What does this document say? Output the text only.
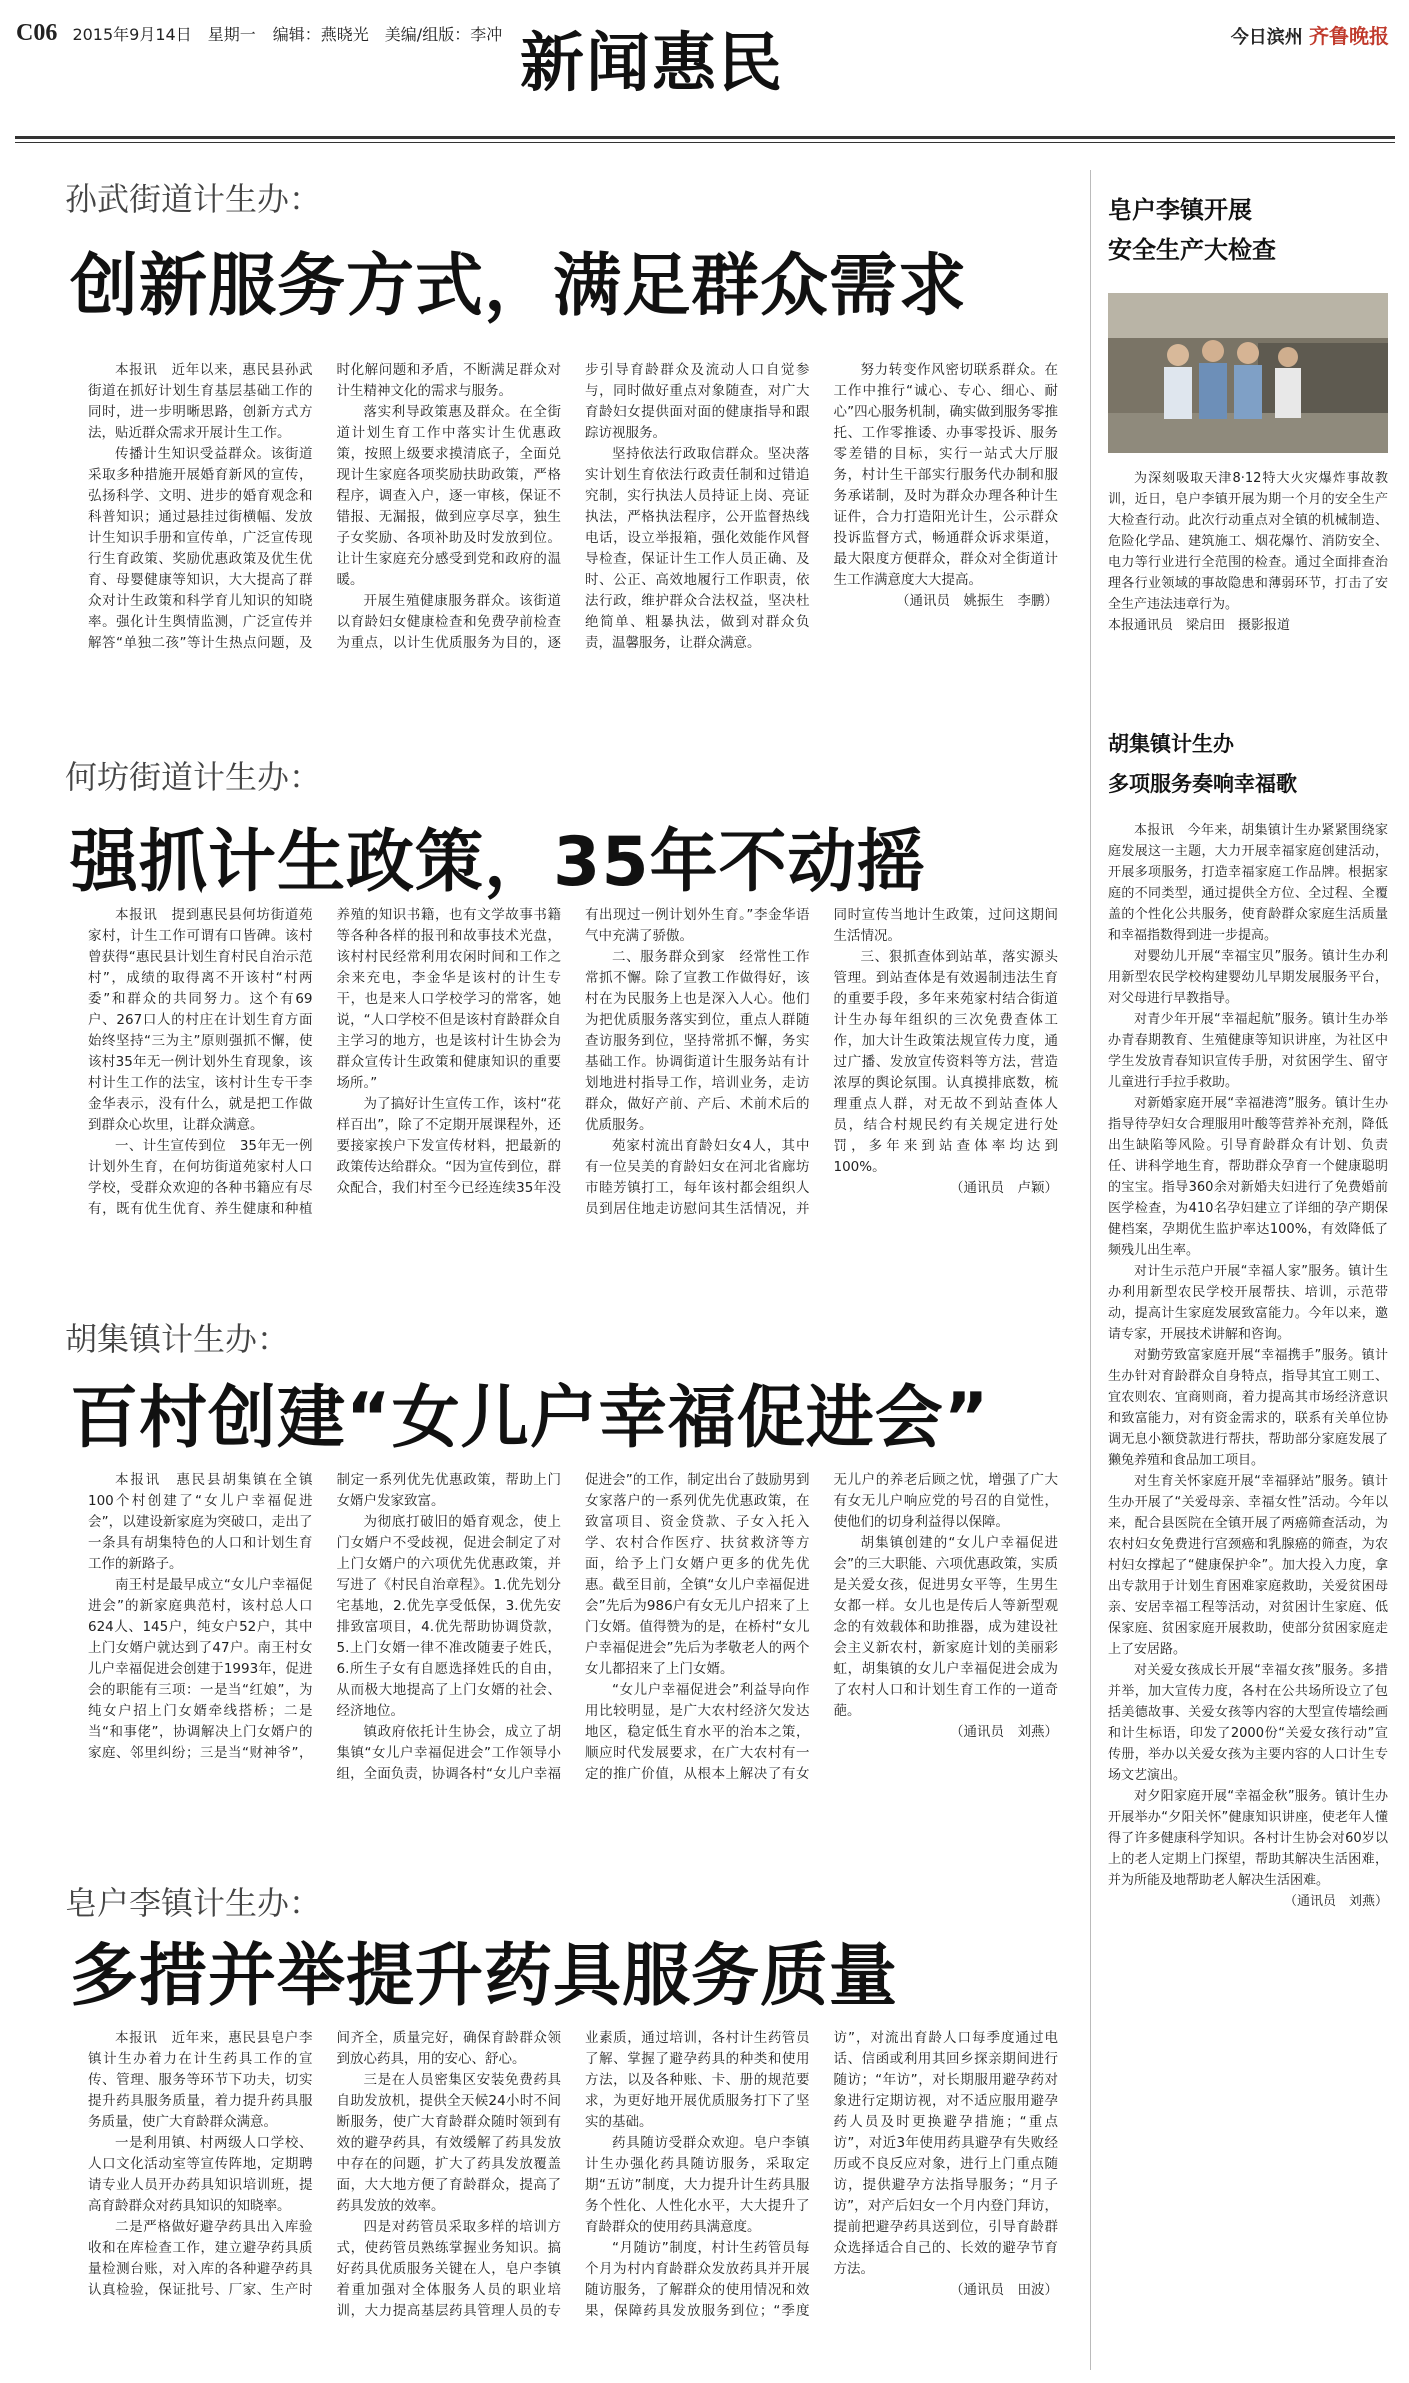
C06 2015年9月14日　星期一 编辑：燕晓光　美编/组版：李冲 新闻惠民	今日滨州 齐鲁晚报
孙武街道计生办：
创新服务方式，满足群众需求

本报讯　近年以来，惠民县孙武街道在抓好计划生育基层基础工作的同时，进一步明晰思路，创新方式方法，贴近群众需求开展计生工作。

传播计生知识受益群众。该街道采取多种措施开展婚育新风的宣传，弘扬科学、文明、进步的婚育观念和科普知识；通过悬挂过街横幅、发放计生知识手册和宣传单，广泛宣传现行生育政策、奖励优惠政策及优生优育、母婴健康等知识，大大提高了群众对计生政策和科学育儿知识的知晓率。强化计生舆情监测，广泛宣传并解答“单独二孩”等计生热点问题，及时化解问题和矛盾，不断满足群众对计生精神文化的需求与服务。

落实利导政策惠及群众。在全街道计划生育工作中落实计生优惠政策，按照上级要求摸清底子，全面兑现计生家庭各项奖励扶助政策，严格程序，调查入户，逐一审核，保证不错报、无漏报，做到应享尽享，独生子女奖励、各项补助及时发放到位。让计生家庭充分感受到党和政府的温暖。

开展生殖健康服务群众。该街道以育龄妇女健康检查和免费孕前检查为重点，以计生优质服务为目的，逐步引导育龄群众及流动人口自觉参与，同时做好重点对象随查，对广大育龄妇女提供面对面的健康指导和跟踪访视服务。

坚持依法行政取信群众。坚决落实计划生育依法行政责任制和过错追究制，实行执法人员持证上岗、亮证执法，严格执法程序，公开监督热线电话，设立举报箱，强化效能作风督导检查，保证计生工作人员正确、及时、公正、高效地履行工作职责，依法行政，维护群众合法权益，坚决杜绝简单、粗暴执法，做到对群众负责，温馨服务，让群众满意。

努力转变作风密切联系群众。在工作中推行“诚心、专心、细心、耐心”四心服务机制，确实做到服务零推托、工作零推诿、办事零投诉、服务零差错的目标，实行一站式大厅服务，村计生干部实行服务代办制和服务承诺制，及时为群众办理各种计生证件，合力打造阳光计生，公示群众投诉监督方式，畅通群众诉求渠道，最大限度方便群众，群众对全街道计生工作满意度大大提高。

（通讯员　姚振生　李鹏）

何坊街道计生办：
强抓计生政策，35年不动摇

本报讯　提到惠民县何坊街道苑家村，计生工作可谓有口皆碑。该村曾获得“惠民县计划生育村民自治示范村”，成绩的取得离不开该村“村两委”和群众的共同努力。这个有69户、267口人的村庄在计划生育方面始终坚持“三为主”原则强抓不懈，使该村35年无一例计划外生育现象，该村计生工作的法宝，该村计生专干李金华表示，没有什么，就是把工作做到群众心坎里，让群众满意。

一、计生宣传到位　35年无一例计划外生育，在何坊街道苑家村人口学校，受群众欢迎的各种书籍应有尽有，既有优生优育、养生健康和种植养殖的知识书籍，也有文学故事书籍等各种各样的报刊和故事技术光盘，该村村民经常利用农闲时间和工作之余来充电，李金华是该村的计生专干，也是来人口学校学习的常客，她说，“人口学校不但是该村育龄群众自主学习的地方，也是该村计生协会为群众宣传计生政策和健康知识的重要场所。”

为了搞好计生宣传工作，该村“花样百出”，除了不定期开展课程外，还要接家挨户下发宣传材料，把最新的政策传达给群众。“因为宣传到位，群众配合，我们村至今已经连续35年没有出现过一例计划外生育。”李金华语气中充满了骄傲。

二、服务群众到家　经常性工作常抓不懈。除了宣教工作做得好，该村在为民服务上也是深入人心。他们为把优质服务落实到位，重点人群随查访服务到位，坚持常抓不懈，务实基础工作。协调街道计生服务站有计划地进村指导工作，培训业务，走访群众，做好产前、产后、术前术后的优质服务。

苑家村流出育龄妇女4人，其中有一位吴美的育龄妇女在河北省廊坊市睦芳镇打工，每年该村都会组织人员到居住地走访慰问其生活情况，并同时宣传当地计生政策，过问这期间生活情况。

三、狠抓查体到站革，落实源头管理。到站查体是有效遏制违法生育的重要手段，多年来苑家村结合街道计生办每年组织的三次免费查体工作，加大计生政策法规宣传力度，通过广播、发放宣传资料等方法，营造浓厚的舆论氛围。认真摸排底数，梳理重点人群，对无故不到站查体人员，结合村规民约有关规定进行处罚，多年来到站查体率均达到100%。

（通讯员　卢颖）

胡集镇计生办：
百村创建“女儿户幸福促进会”

本报讯　惠民县胡集镇在全镇100个村创建了“女儿户幸福促进会”，以建设新家庭为突破口，走出了一条具有胡集特色的人口和计划生育工作的新路子。

南王村是最早成立“女儿户幸福促进会”的新家庭典范村，该村总人口624人、145户，纯女户52户，其中上门女婿户就达到了47户。南王村女儿户幸福促进会创建于1993年，促进会的职能有三项：一是当“红娘”，为纯女户招上门女婿牵线搭桥；二是当“和事佬”，协调解决上门女婿户的家庭、邻里纠纷；三是当“财神爷”，制定一系列优先优惠政策，帮助上门女婿户发家致富。

为彻底打破旧的婚育观念，使上门女婿户不受歧视，促进会制定了对上门女婿户的六项优先优惠政策，并写进了《村民自治章程》。1.优先划分宅基地，2.优先享受低保，3.优先安排致富项目，4.优先帮助协调贷款，5.上门女婿一律不准改随妻子姓氏，6.所生子女有自愿选择姓氏的自由，从而极大地提高了上门女婿的社会、经济地位。

镇政府依托计生协会，成立了胡集镇“女儿户幸福促进会”工作领导小组，全面负责，协调各村“女儿户幸福促进会”的工作，制定出台了鼓励男到女家落户的一系列优先优惠政策，在致富项目、资金贷款、子女入托入学、农村合作医疗、扶贫救济等方面，给予上门女婿户更多的优先优惠。截至目前，全镇“女儿户幸福促进会”先后为986户有女无儿户招来了上门女婿。值得赞为的是，在桥村“女儿户幸福促进会”先后为孝敬老人的两个女儿都招来了上门女婿。

“女儿户幸福促进会”利益导向作用比较明显，是广大农村经济欠发达地区，稳定低生育水平的治本之策，顺应时代发展要求，在广大农村有一定的推广价值，从根本上解决了有女无儿户的养老后顾之忧，增强了广大有女无儿户响应党的号召的自觉性，使他们的切身利益得以保障。

胡集镇创建的“女儿户幸福促进会”的三大职能、六项优惠政策，实质是关爱女孩，促进男女平等，生男生女都一样。女儿也是传后人等新型观念的有效载体和助推器，成为建设社会主义新农村，新家庭计划的美丽彩虹，胡集镇的女儿户幸福促进会成为了农村人口和计划生育工作的一道奇葩。

（通讯员　刘燕）

皂户李镇计生办：
多措并举提升药具服务质量

本报讯　近年来，惠民县皂户李镇计生办着力在计生药具工作的宣传、管理、服务等环节下功夫，切实提升药具服务质量，着力提升药具服务质量，使广大育龄群众满意。

一是利用镇、村两级人口学校、人口文化活动室等宣传阵地，定期聘请专业人员开办药具知识培训班，提高育龄群众对药具知识的知晓率。

二是严格做好避孕药具出入库验收和在库检查工作，建立避孕药具质量检测台账，对入库的各种避孕药具认真检验，保证批号、厂家、生产时间齐全，质量完好，确保育龄群众领到放心药具，用的安心、舒心。

三是在人员密集区安装免费药具自助发放机，提供全天候24小时不间断服务，使广大育龄群众随时领到有效的避孕药具，有效缓解了药具发放中存在的问题，扩大了药具发放覆盖面，大大地方便了育龄群众，提高了药具发放的效率。

四是对药管员采取多样的培训方式，使药管员熟练掌握业务知识。搞好药具优质服务关键在人，皂户李镇着重加强对全体服务人员的职业培训，大力提高基层药具管理人员的专业素质，通过培训，各村计生药管员了解、掌握了避孕药具的种类和使用方法，以及各种账、卡、册的规范要求，为更好地开展优质服务打下了坚实的基础。

药具随访受群众欢迎。皂户李镇计生办强化药具随访服务，采取定期“五访”制度，大力提升计生药具服务个性化、人性化水平，大大提升了育龄群众的使用药具满意度。

“月随访”制度，村计生药管员每个月为村内育龄群众发放药具并开展随访服务，了解群众的使用情况和效果，保障药具发放服务到位；“季度访”，对流出育龄人口每季度通过电话、信函或利用其回乡探亲期间进行随访；“年访”，对长期服用避孕药对象进行定期访视，对不适应服用避孕药人员及时更换避孕措施；“重点访”，对近3年使用药具避孕有失败经历或不良反应对象，进行上门重点随访，提供避孕方法指导服务；“月子访”，对产后妇女一个月内登门拜访，提前把避孕药具送到位，引导育龄群众选择适合自己的、长效的避孕节育方法。

（通讯员　田波）

皂户李镇开展
安全生产大检查

为深刻吸取天津8·12特大火灾爆炸事故教训，近日，皂户李镇开展为期一个月的安全生产大检查行动。此次行动重点对全镇的机械制造、危险化学品、建筑施工、烟花爆竹、消防安全、电力等行业进行全范围的检查。通过全面排查治理各行业领域的事故隐患和薄弱环节，打击了安全生产违法违章行为。

本报通讯员　梁启田　摄影报道

胡集镇计生办
多项服务奏响幸福歌

本报讯　今年来，胡集镇计生办紧紧围绕家庭发展这一主题，大力开展幸福家庭创建活动，开展多项服务，打造幸福家庭工作品牌。根据家庭的不同类型，通过提供全方位、全过程、全覆盖的个性化公共服务，使育龄群众家庭生活质量和幸福指数得到进一步提高。

对婴幼儿开展“幸福宝贝”服务。镇计生办利用新型农民学校构建婴幼儿早期发展服务平台，对父母进行早教指导。

对青少年开展“幸福起航”服务。镇计生办举办青春期教育、生殖健康等知识讲座，为社区中学生发放青春知识宣传手册，对贫困学生、留守儿童进行手拉手救助。

对新婚家庭开展“幸福港湾”服务。镇计生办指导待孕妇女合理服用叶酸等营养补充剂，降低出生缺陷等风险。引导育龄群众有计划、负责任、讲科学地生育，帮助群众孕育一个健康聪明的宝宝。指导360余对新婚夫妇进行了免费婚前医学检查，为410名孕妇建立了详细的孕产期保健档案，孕期优生监护率达100%，有效降低了频残儿出生率。

对计生示范户开展“幸福人家”服务。镇计生办利用新型农民学校开展帮扶、培训，示范带动，提高计生家庭发展致富能力。今年以来，邀请专家，开展技术讲解和咨询。

对勤劳致富家庭开展“幸福携手”服务。镇计生办针对育龄群众自身特点，指导其宜工则工、宜农则农、宜商则商，着力提高其市场经济意识和致富能力，对有资金需求的，联系有关单位协调无息小额贷款进行帮扶，帮助部分家庭发展了獭兔养殖和食品加工项目。

对生育关怀家庭开展“幸福驿站”服务。镇计生办开展了“关爱母亲、幸福女性”活动。今年以来，配合县医院在全镇开展了两癌筛查活动，为农村妇女免费进行宫颈癌和乳腺癌的筛查，为农村妇女撑起了“健康保护伞”。加大投入力度，拿出专款用于计划生育困难家庭救助，关爱贫困母亲、安居幸福工程等活动，对贫困计生家庭、低保家庭、贫困家庭开展救助，使部分贫困家庭走上了安居路。

对关爱女孩成长开展“幸福女孩”服务。多措并举，加大宣传力度，各村在公共场所设立了包括美德故事、关爱女孩等内容的大型宣传墙绘画和计生标语，印发了2000份“关爱女孩行动”宣传册，举办以关爱女孩为主要内容的人口计生专场文艺演出。

对夕阳家庭开展“幸福金秋”服务。镇计生办开展举办“夕阳关怀”健康知识讲座，使老年人懂得了许多健康科学知识。各村计生协会对60岁以上的老人定期上门探望，帮助其解决生活困难，并为所能及地帮助老人解决生活困难。

（通讯员　刘燕）
